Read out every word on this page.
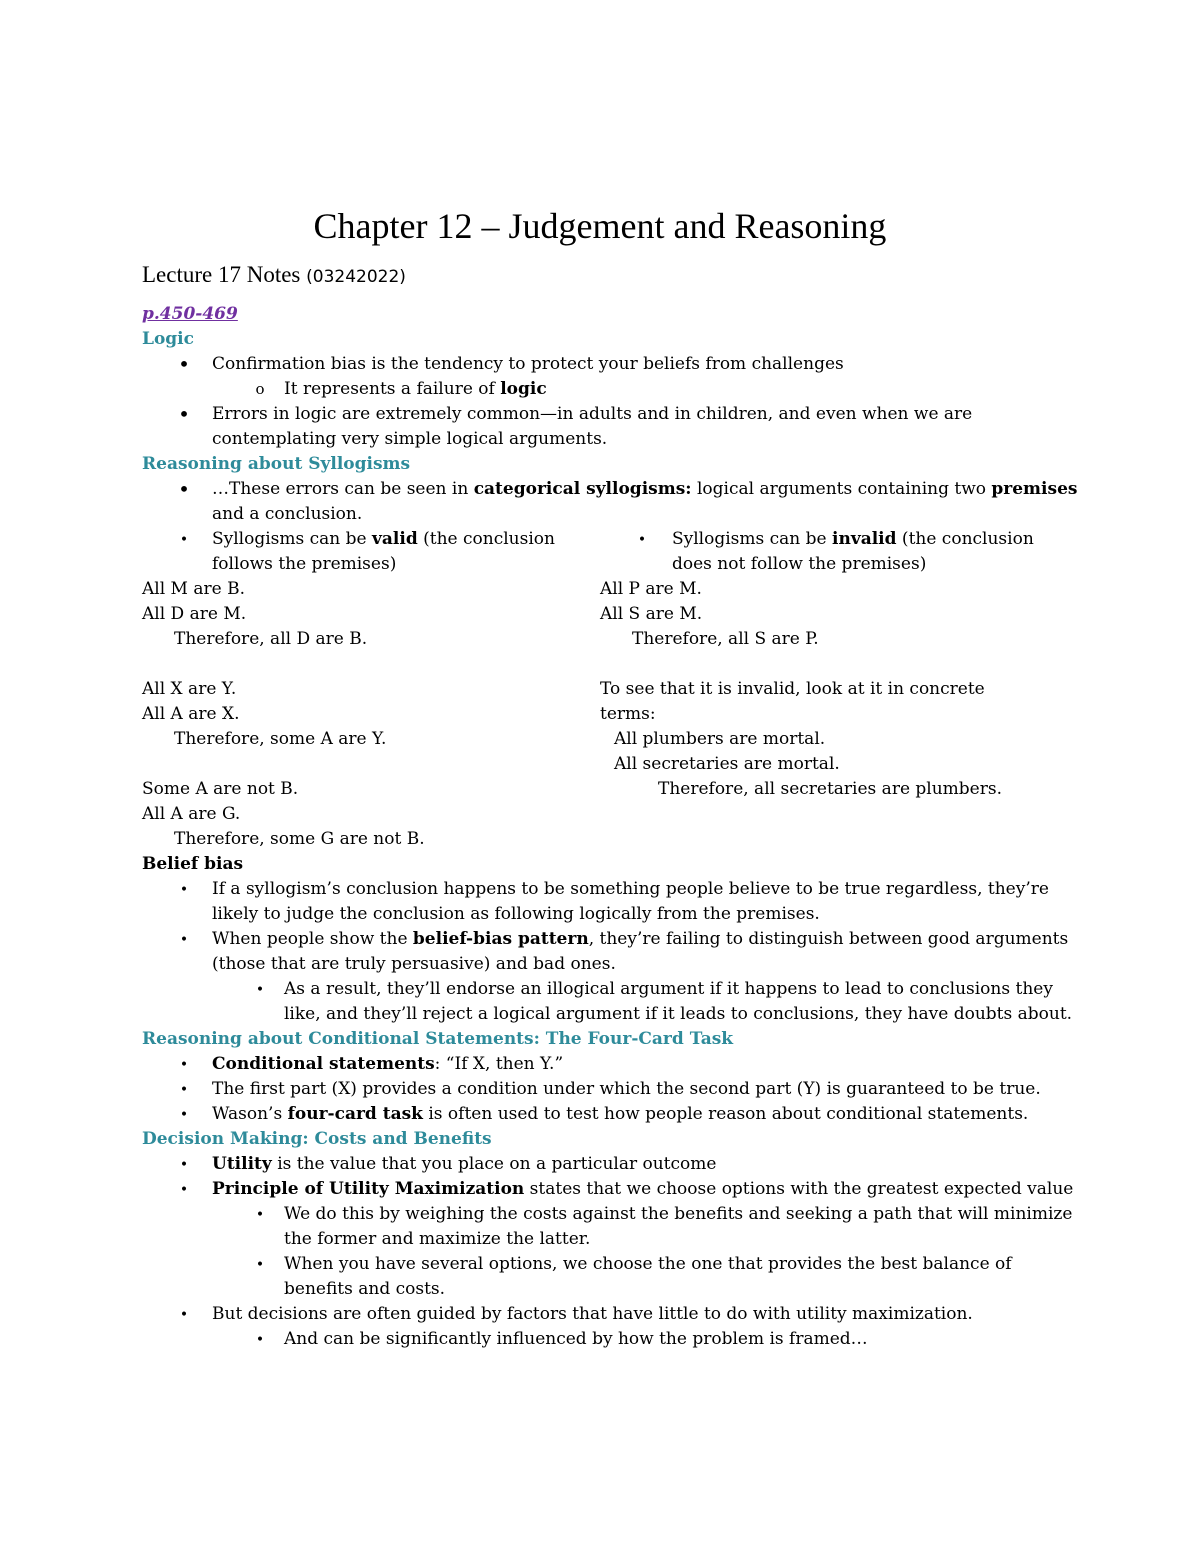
Chapter 12 – Judgement and Reasoning
Lecture 17 Notes (03242022)
p.450-469
Logic
•
Confirmation bias is the tendency to protect your beliefs from challenges
o
It represents a failure of logic
•
Errors in logic are extremely common—in adults and in children, and even when we are contemplating very simple logical arguments.
Reasoning about Syllogisms
•
…These errors can be seen in categorical syllogisms: logical arguments containing two premises and a conclusion.
•
Syllogisms can be valid (the conclusion follows the premises)
All M are B.
All D are M.
Therefore, all D are B.
All X are Y.
All A are X.
Therefore, some A are Y.
Some A are not B.
All A are G.
Therefore, some G are not B.
•
Syllogisms can be invalid (the conclusion does not follow the premises)
All P are M.
All S are M.
Therefore, all S are P.
To see that it is invalid, look at it in concrete terms:
All plumbers are mortal.
All secretaries are mortal.
Therefore, all secretaries are plumbers.
Belief bias
•
If a syllogism’s conclusion happens to be something people believe to be true regardless, they’re likely to judge the conclusion as following logically from the premises.
•
When people show the belief-bias pattern, they’re failing to distinguish between good arguments (those that are truly persuasive) and bad ones.
•
As a result, they’ll endorse an illogical argument if it happens to lead to conclusions they like, and they’ll reject a logical argument if it leads to conclusions, they have doubts about.
Reasoning about Conditional Statements: The Four-Card Task
•
Conditional statements: “If X, then Y.”
•
The first part (X) provides a condition under which the second part (Y) is guaranteed to be true.
•
Wason’s four-card task is often used to test how people reason about conditional statements.
Decision Making: Costs and Benefits
•
Utility is the value that you place on a particular outcome
•
Principle of Utility Maximization states that we choose options with the greatest expected value
•
We do this by weighing the costs against the benefits and seeking a path that will minimize the former and maximize the latter.
•
When you have several options, we choose the one that provides the best balance of benefits and costs.
•
But decisions are often guided by factors that have little to do with utility maximization.
•
And can be significantly influenced by how the problem is framed…
